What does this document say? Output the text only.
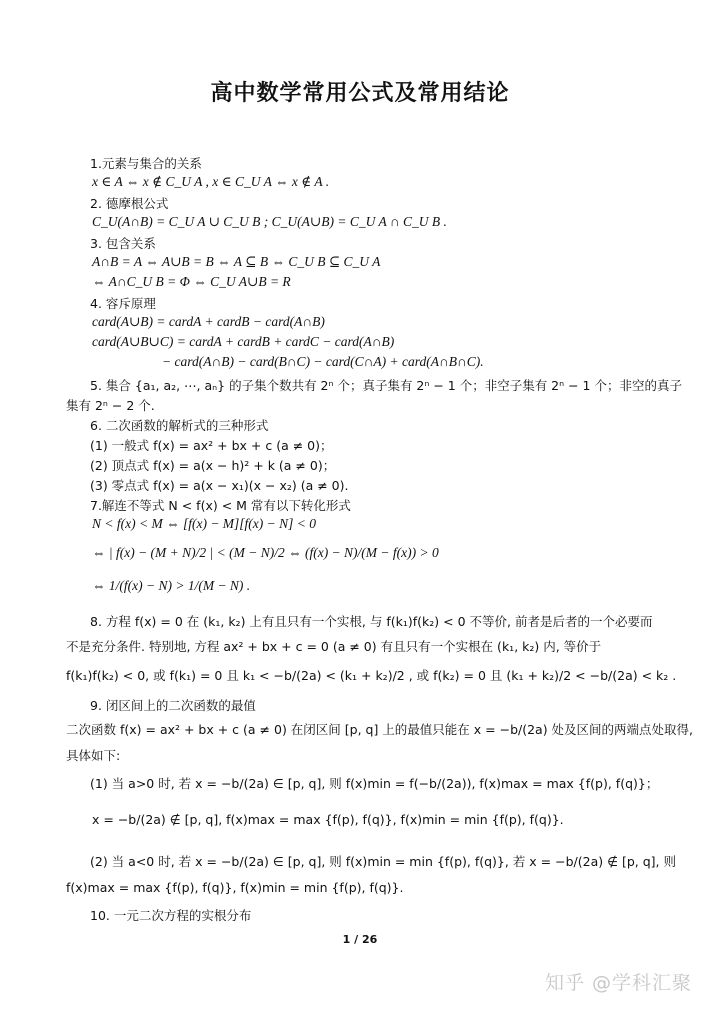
高中数学常用公式及常用结论
1.元素与集合的关系
x ∈ A ⇔ x ∉ C_U A , x ∈ C_U A ⇔ x ∉ A .
2. 德摩根公式
C_U(A∩B) = C_U A ∪ C_U B ; C_U(A∪B) = C_U A ∩ C_U B .
3. 包含关系
A∩B = A ⇔ A∪B = B ⇔ A ⊆ B ⇔ C_U B ⊆ C_U A
⇔ A∩C_U B = Φ ⇔ C_U A∪B = R
4. 容斥原理
card(A∪B) = cardA + cardB − card(A∩B)
card(A∪B∪C) = cardA + cardB + cardC − card(A∩B)
− card(A∩B) − card(B∩C) − card(C∩A) + card(A∩B∩C).
5. 集合 {a₁, a₂, ⋯, aₙ} 的子集个数共有 2ⁿ 个；真子集有 2ⁿ − 1 个；非空子集有 2ⁿ − 1 个；非空的真子
集有 2ⁿ − 2 个.
6. 二次函数的解析式的三种形式
(1) 一般式 f(x) = ax² + bx + c (a ≠ 0)；
(2) 顶点式 f(x) = a(x − h)² + k (a ≠ 0)；
(3) 零点式 f(x) = a(x − x₁)(x − x₂) (a ≠ 0).
7.解连不等式 N < f(x) < M 常有以下转化形式
N < f(x) < M ⇔ [f(x) − M][f(x) − N] < 0
⇔ | f(x) − (M + N)/2 | < (M − N)/2 ⇔ (f(x) − N)/(M − f(x)) > 0
⇔ 1/(f(x) − N) > 1/(M − N) .
8. 方程 f(x) = 0 在 (k₁, k₂) 上有且只有一个实根, 与 f(k₁)f(k₂) < 0 不等价, 前者是后者的一个必要而
不是充分条件. 特别地, 方程 ax² + bx + c = 0 (a ≠ 0) 有且只有一个实根在 (k₁, k₂) 内, 等价于
f(k₁)f(k₂) < 0, 或 f(k₁) = 0 且 k₁ < −b/(2a) < (k₁ + k₂)/2 , 或 f(k₂) = 0 且 (k₁ + k₂)/2 < −b/(2a) < k₂ .
9. 闭区间上的二次函数的最值
二次函数 f(x) = ax² + bx + c (a ≠ 0) 在闭区间 [p, q] 上的最值只能在 x = −b/(2a) 处及区间的两端点处取得,
具体如下:
(1) 当 a>0 时, 若 x = −b/(2a) ∈ [p, q], 则 f(x)min = f(−b/(2a)), f(x)max = max {f(p), f(q)}；
x = −b/(2a) ∉ [p, q], f(x)max = max {f(p), f(q)}, f(x)min = min {f(p), f(q)}.
(2) 当 a<0 时, 若 x = −b/(2a) ∈ [p, q], 则 f(x)min = min {f(p), f(q)}, 若 x = −b/(2a) ∉ [p, q], 则
f(x)max = max {f(p), f(q)}, f(x)min = min {f(p), f(q)}.
10. 一元二次方程的实根分布
1 / 26
知乎 @学科汇聚
